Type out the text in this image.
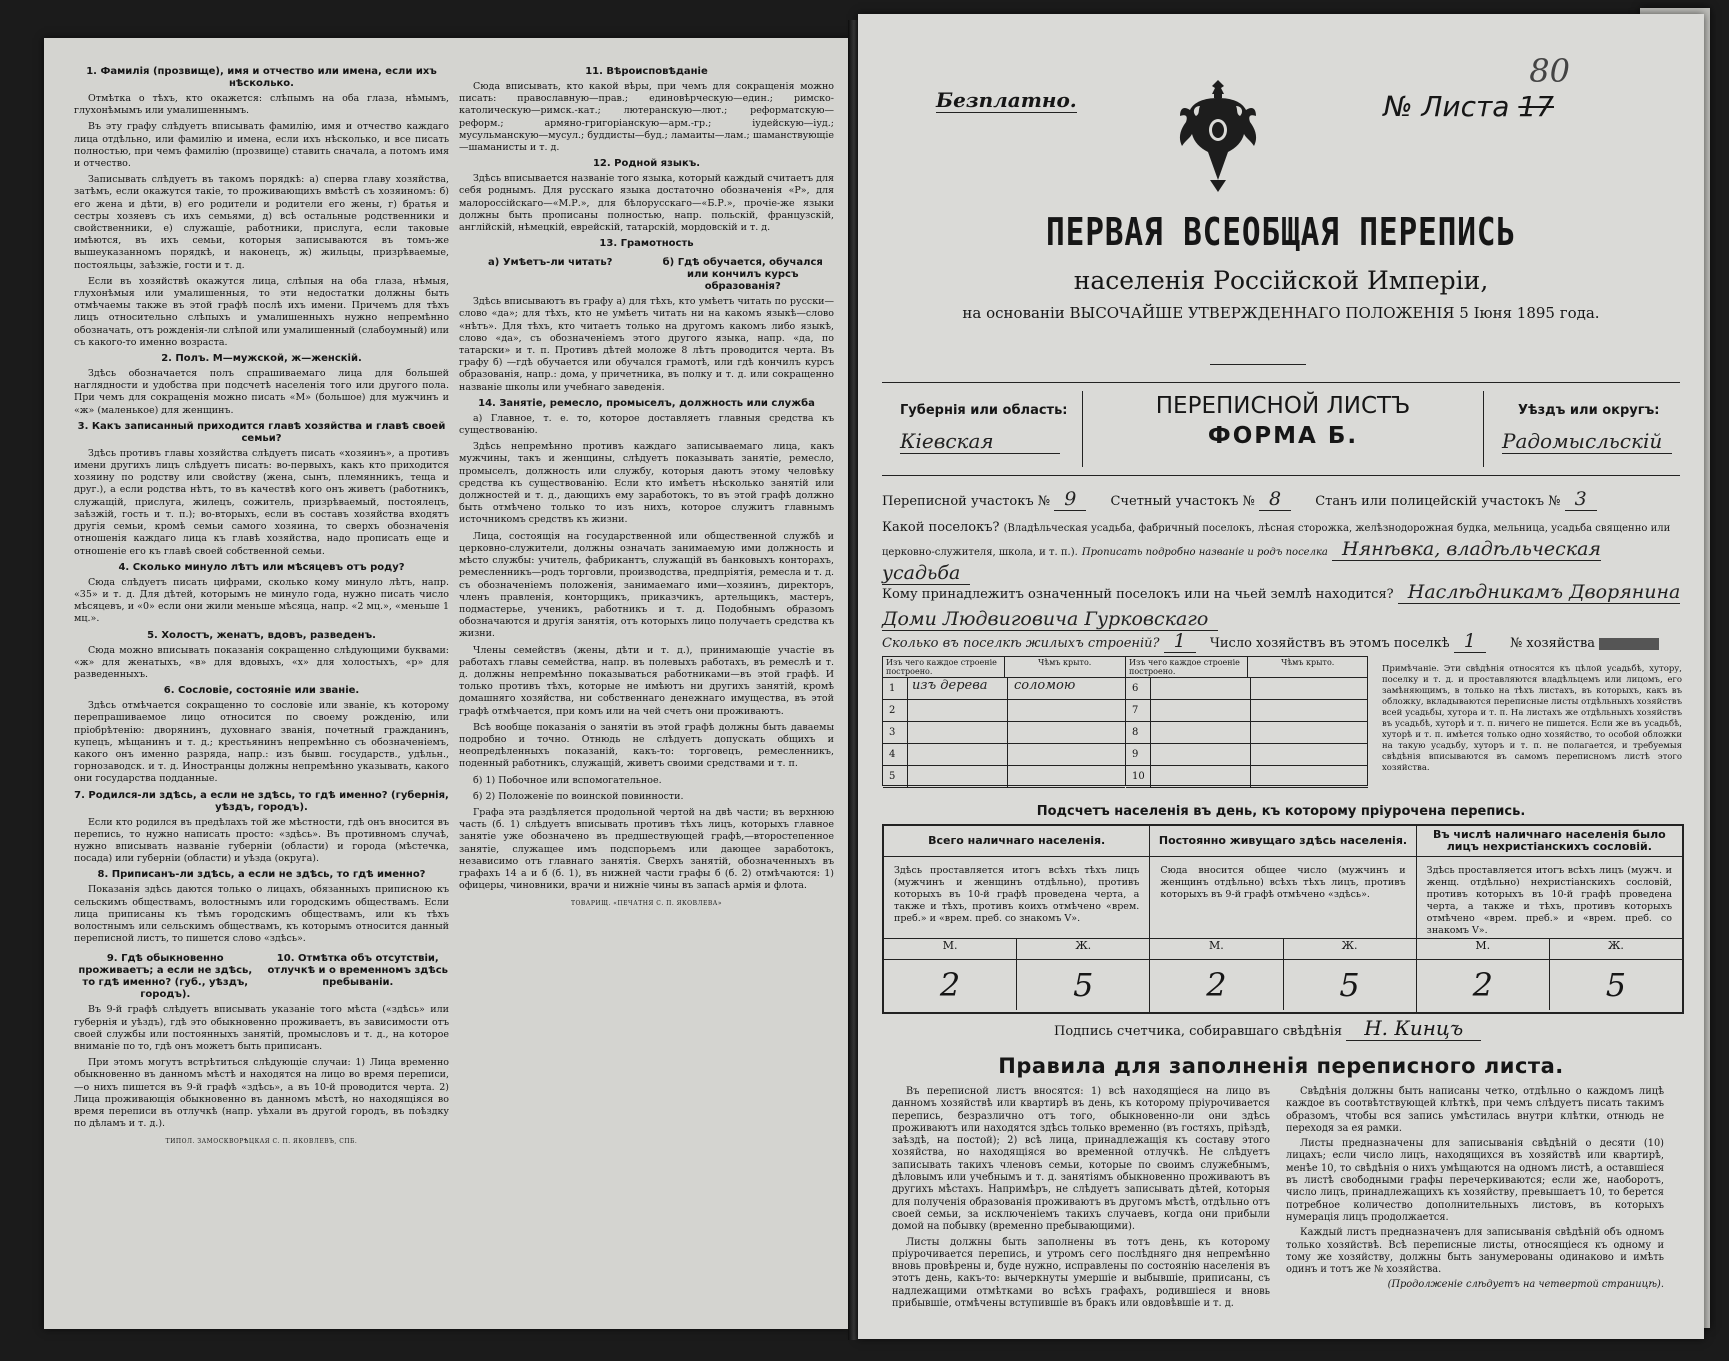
1. Фамилія (прозвище), имя и отчество или имена, если ихъ нѣсколько.

Отмѣтка о тѣхъ, кто окажется: слѣпымъ на оба глаза, нѣмымъ, глухонѣмымъ или умалишеннымъ.

Въ эту графу слѣдуетъ вписывать фамилію, имя и отчество каждаго лица отдѣльно, или фамилію и имена, если ихъ нѣсколько, и все писать полностью, при чемъ фамилію (прозвище) ставить сначала, а потомъ имя и отчество.

Записывать слѣдуетъ въ такомъ порядкѣ: а) сперва главу хозяйства, затѣмъ, если окажутся такіе, то проживающихъ вмѣстѣ съ хозяиномъ: б) его жена и дѣти, в) его родители и родители его жены, г) братья и сестры хозяевъ съ ихъ семьями, д) всѣ остальные родственники и свойственники, е) служащіе, работники, прислуга, если таковые имѣются, въ ихъ семьи, которыя записываются въ томъ-же вышеуказанномъ порядкѣ, и наконецъ, ж) жильцы, призрѣваемые, постояльцы, заѣзжіе, гости и т. д.

Если въ хозяйствѣ окажутся лица, слѣпыя на оба глаза, нѣмыя, глухонѣмыя или умалишенныя, то эти недостатки должны быть отмѣчаемы также въ этой графѣ послѣ ихъ имени. Причемъ для тѣхъ лицъ относительно слѣпыхъ и умалишенныхъ нужно непремѣнно обозначать, отъ рожденія-ли слѣпой или умалишенный (слабоумный) или съ какого-то именно возраста.

2. Полъ. М—мужской, ж—женскій.

Здѣсь обозначается полъ спрашиваемаго лица для большей наглядности и удобства при подсчетѣ населенія того или другого пола. При чемъ для сокращенія можно писать «М» (большое) для мужчинъ и «ж» (маленькое) для женщинъ.

3. Какъ записанный приходится главѣ хозяйства и главѣ своей семьи?

Здѣсь противъ главы хозяйства слѣдуетъ писать «хозяинъ», а противъ имени другихъ лицъ слѣдуетъ писать: во-первыхъ, какъ кто приходится хозяину по родству или свойству (жена, сынъ, племянникъ, теща и друг.), а если родства нѣтъ, то въ качествѣ кого онъ живетъ (работникъ, служащій, прислуга, жилецъ, сожитель, призрѣваемый, постоялецъ, заѣзжій, гость и т. п.); во-вторыхъ, если въ составъ хозяйства входятъ другія семьи, кромѣ семьи самого хозяина, то сверхъ обозначенія отношенія каждаго лица къ главѣ хозяйства, надо прописать еще и отношеніе его къ главѣ своей собственной семьи.

4. Сколько минуло лѣтъ или мѣсяцевъ отъ роду?

Сюда слѣдуетъ писать цифрами, сколько кому минуло лѣтъ, напр. «35» и т. д. Для дѣтей, которымъ не минуло года, нужно писать число мѣсяцевъ, и «0» если они жили меньше мѣсяца, напр. «2 мц.», «меньше 1 мц.».

5. Холостъ, женатъ, вдовъ, разведенъ.

Сюда можно вписывать показанія сокращенно слѣдующими буквами: «ж» для женатыхъ, «в» для вдовыхъ, «х» для холостыхъ, «р» для разведенныхъ.

6. Сословіе, состояніе или званіе.

Здѣсь отмѣчается сокращенно то сословіе или званіе, къ которому перепрашиваемое лицо относится по своему рожденію, или пріобрѣтенію: дворянинъ, духовнаго званія, почетный гражданинъ, купецъ, мѣщанинъ и т. д.; крестьянинъ непремѣнно съ обозначеніемъ, какого онъ именно разряда, напр.: изъ бывш. государств., удѣльн., горнозаводск. и т. д. Иностранцы должны непремѣнно указывать, какого они государства подданные.

7. Родился-ли здѣсь, а если не здѣсь, то гдѣ именно? (губернія, уѣздъ, городъ).

Если кто родился въ предѣлахъ той же мѣстности, гдѣ онъ вносится въ перепись, то нужно написать просто: «здѣсь». Въ противномъ случаѣ, нужно вписывать названіе губерніи (области) и города (мѣстечка, посада) или губерніи (области) и уѣзда (округа).

8. Приписанъ-ли здѣсь, а если не здѣсь, то гдѣ именно?

Показанія здѣсь даются только о лицахъ, обязанныхъ приписною къ сельскимъ обществамъ, волостнымъ или городскимъ обществамъ. Если лица приписаны къ тѣмъ городскимъ обществамъ, или къ тѣхъ волостнымъ или сельскимъ обществамъ, къ которымъ относится данный переписной листъ, то пишется слово «здѣсь».

9. Гдѣ обыкновенно проживаетъ; а если не здѣсь, то гдѣ именно? (губ., уѣздъ, городъ).
10. Отмѣтка объ отсутствіи, отлучкѣ и о временномъ здѣсь пребываніи.

Въ 9-й графѣ слѣдуетъ вписывать указаніе того мѣста («здѣсь» или губернія и уѣздъ), гдѣ это обыкновенно проживаетъ, въ зависимости отъ своей службы или постоянныхъ занятій, промысловъ и т. д., на которое вниманіе по то, гдѣ онъ можетъ быть приписанъ.

При этомъ могутъ встрѣтиться слѣдующіе случаи: 1) Лица временно обыкновенно въ данномъ мѣстѣ и находятся на лицо во время переписи,—о нихъ пишется въ 9-й графѣ «здѣсь», а въ 10-й проводится черта. 2) Лица проживающія обыкновенно въ данномъ мѣстѣ, но находящіяся во время переписи въ отлучкѣ (напр. уѣхали въ другой городъ, въ поѣздку по дѣламъ и т. д.).

ТИПОЛ. ЗАМОСКВОРѢЦКАЯ С. П. ЯКОВЛЕВЪ, СПБ.
11. Вѣроисповѣданіе

Сюда вписывать, кто какой вѣры, при чемъ для сокращенія можно писать: православную—прав.; единовѣрческую—един.; римско-католическую—римск.-кат.; лютеранскую—лют.; реформатскую—реформ.; армяно-григоріанскую—арм.-гр.; іудейскую—іуд.; мусульманскую—мусул.; буддисты—буд.; ламаиты—лам.; шаманствующіе—шаманисты и т. д.

12. Родной языкъ.

Здѣсь вписывается названіе того языка, который каждый считаетъ для себя роднымъ. Для русскаго языка достаточно обозначенія «Р», для малороссійскаго—«М.Р.», для бѣлорусскаго—«Б.Р.», прочіе-же языки должны быть прописаны полностью, напр. польскій, французскій, англійскій, нѣмецкій, еврейскій, татарскій, мордовскій и т. д.

13. Грамотность
а) Умѣетъ-ли читать?	б) Гдѣ обучается, обучался или кончилъ курсъ образованія?

Здѣсь вписываютъ въ графу а) для тѣхъ, кто умѣетъ читать по русски—слово «да»; для тѣхъ, кто не умѣетъ читать ни на какомъ языкѣ—слово «нѣтъ». Для тѣхъ, кто читаетъ только на другомъ какомъ либо языкѣ, слово «да», съ обозначеніемъ этого другого языка, напр. «да, по татарски» и т. п. Противъ дѣтей моложе 8 лѣтъ проводится черта. Въ графу б) —гдѣ обучается или обучался грамотѣ, или гдѣ кончилъ курсъ образованія, напр.: дома, у причетника, въ полку и т. д. или сокращенно названіе школы или учебнаго заведенія.

14. Занятіе, ремесло, промыселъ, должность или служба

а) Главное, т. е. то, которое доставляетъ главныя средства къ существованію.

Здѣсь непремѣнно противъ каждаго записываемаго лица, какъ мужчины, такъ и женщины, слѣдуетъ показывать занятіе, ремесло, промыселъ, должность или службу, которыя даютъ этому человѣку средства къ существованію. Если кто имѣетъ нѣсколько занятій или должностей и т. д., дающихъ ему заработокъ, то въ этой графѣ должно быть отмѣчено только то изъ нихъ, которое служитъ главнымъ источникомъ средствъ къ жизни.

Лица, состоящія на государственной или общественной службѣ и церковно-служители, должны означать занимаемую ими должность и мѣсто службы: учитель, фабрикантъ, служащій въ банковыхъ конторахъ, ремесленникъ—родъ торговли, производства, предпріятія, ремесла и т. д. съ обозначеніемъ положенія, занимаемаго ими—хозяинъ, директоръ, членъ правленія, конторщикъ, приказчикъ, артельщикъ, мастеръ, подмастерье, ученикъ, работникъ и т. д. Подобнымъ образомъ обозначаются и другія занятія, отъ которыхъ лицо получаетъ средства къ жизни.

Члены семействъ (жены, дѣти и т. д.), принимающіе участіе въ работахъ главы семейства, напр. въ полевыхъ работахъ, въ ремеслѣ и т. д. должны непремѣнно показываться работниками—въ этой графѣ. И только противъ тѣхъ, которые не имѣютъ ни другихъ занятій, кромѣ домашняго хозяйства, ни собственнаго денежнаго имущества, въ этой графѣ отмѣчается, при комъ или на чей счетъ они проживаютъ.

Всѣ вообще показанія о занятіи въ этой графѣ должны быть даваемы подробно и точно. Отнюдь не слѣдуетъ допускать общихъ и неопредѣленныхъ показаній, какъ-то: торговецъ, ремесленникъ, поденный работникъ, служащій, живетъ своими средствами и т. п.

б) 1) Побочное или вспомогательное.

б) 2) Положеніе по воинской повинности.

Графа эта раздѣляется продольной чертой на двѣ части; въ верхнюю часть (б. 1) слѣдуетъ вписывать противъ тѣхъ лицъ, которыхъ главное занятіе уже обозначено въ предшествующей графѣ,—второстепенное занятіе, служащее имъ подспорьемъ или дающее заработокъ, независимо отъ главнаго занятія. Сверхъ занятій, обозначенныхъ въ графахъ 14 а и б (б. 1), въ нижней части графы б (б. 2) отмѣчаются: 1) офицеры, чиновники, врачи и нижніе чины въ запасѣ армія и флота.

ТОВАРИЩ. «ПЕЧАТНЯ С. П. ЯКОВЛЕВА»
Безплатно.
80
№ Листа 17
ПЕРВАЯ ВСЕОБЩАЯ ПЕРЕПИСЬ
населенія Россійской Имперіи,
на основаніи ВЫСОЧАЙШЕ УТВЕРЖДЕННАГО ПОЛОЖЕНІЯ 5 Іюня 1895 года.
Губернія или область:
Кіевская
ПЕРЕПИСНОЙ ЛИСТЪ
ФОРМА Б.
Уѣздъ или округъ:
Радомысльскій
Переписной участокъ № 9	Счетный участокъ № 8	Станъ или полицейскій участокъ № 3
Какой поселокъ? (Владѣльческая усадьба, фабричный поселокъ, лѣсная сторожка, желѣзнодорожная будка, мельница, усадьба священно или церковно-служителя, школа, и т. п.). Прописать подробно названіе и родъ поселка Нянѣвка, владѣльческая усадьба
Кому принадлежитъ означенный поселокъ или на чьей землѣ находится? Наслѣдникамъ Дворянина Доми Людвиговича Гурковскаго
Сколько въ поселкѣ жилыхъ строеній? 1 Число хозяйствъ въ этомъ поселкѣ 1	№ хозяйства
Изъ чего каждое строеніе построено.
Чѣмъ крыто.
1	изъ дерева	соломою
2
3
4
5
Изъ чего каждое строеніе построено.
Чѣмъ крыто.
6
7
8
9
10
Примѣчаніе. Эти свѣдѣнія относятся къ цѣлой усадьбѣ, хутору, поселку и т. д. и проставляются владѣльцемъ или лицомъ, его замѣняющимъ, в только на тѣхъ листахъ, въ которыхъ, какъ въ обложку, вкладываются переписные листы отдѣльныхъ хозяйствъ всей усадьбы, хутора и т. п. На листахъ же отдѣльныхъ хозяйствъ въ усадьбѣ, хуторѣ и т. п. ничего не пишется. Если же въ усадьбѣ, хуторѣ и т. п. имѣется только одно хозяйство, то особой обложки на такую усадьбу, хуторъ и т. п. не полагается, и требуемыя свѣдѣнія вписываются въ самомъ переписномъ листѣ этого хозяйства.
Подсчетъ населенія въ день, къ которому пріурочена перепись.
Всего наличнаго населенія.
Здѣсь проставляется итогъ всѣхъ тѣхъ лицъ (мужчинъ и женщинъ отдѣльно), противъ которыхъ въ 10-й графѣ проведена черта, а также и тѣхъ, противъ коихъ отмѣчено «врем. преб.» и «врем. преб. со знакомъ V».
М.	Ж.
2	5
Постоянно живущаго здѣсь населенія.
Сюда вносится общее число (мужчинъ и женщинъ отдѣльно) всѣхъ тѣхъ лицъ, противъ которыхъ въ 9-й графѣ отмѣчено «здѣсь».
М.	Ж.
2	5
Въ числѣ наличнаго населенія было лицъ нехристіанскихъ сословій.
Здѣсь проставляется итогъ всѣхъ лицъ (мужч. и женщ. отдѣльно) нехристіанскихъ сословій, противъ которыхъ въ 10-й графѣ проведена черта, а также и тѣхъ, противъ которыхъ отмѣчено «врем. преб.» и «врем. преб. со знакомъ V».
М.	Ж.
2	5
Подпись счетчика, собиравшаго свѣдѣнія Н. Кинцъ
Правила для заполненія переписного листа.

Въ переписной листъ вносятся: 1) всѣ находящіеся на лицо въ данномъ хозяйствѣ или квартирѣ въ день, къ которому пріурочивается перепись, безразлично отъ того, обыкновенно-ли они здѣсь проживаютъ или находятся здѣсь только временно (въ гостяхъ, пріѣздѣ, заѣздѣ, на постой); 2) всѣ лица, принадлежащія къ составу этого хозяйства, но находящіяся во временной отлучкѣ. Не слѣдуетъ записывать такихъ членовъ семьи, которые по своимъ служебнымъ, дѣловымъ или учебнымъ и т. д. занятіямъ обыкновенно проживаютъ въ другихъ мѣстахъ. Напримѣръ, не слѣдуетъ записывать дѣтей, которыя для полученія образованія проживаютъ въ другомъ мѣстѣ, отдѣльно отъ своей семьи, за исключеніемъ такихъ случаевъ, когда они прибыли домой на побывку (временно пребывающими).

Листы должны быть заполнены въ тотъ день, къ которому пріурочивается перепись, и утромъ сего послѣдняго дня непремѣнно вновь провѣрены и, буде нужно, исправлены по состоянію населенія въ этотъ день, какъ-то: вычеркнуты умершіе и выбывшіе, приписаны, съ надлежащими отмѣтками во всѣхъ графахъ, родившіеся и вновь прибывшіе, отмѣчены вступившіе въ бракъ или овдовѣвшіе и т. д.

Свѣдѣнія должны быть написаны четко, отдѣльно о каждомъ лицѣ каждое въ соотвѣтствующей клѣткѣ, при чемъ слѣдуетъ писать такимъ образомъ, чтобы вся запись умѣстилась внутри клѣтки, отнюдь не переходя за ея рамки.

Листы предназначены для записыванія свѣдѣній о десяти (10) лицахъ; если число лицъ, находящихся въ хозяйствѣ или квартирѣ, менѣе 10, то свѣдѣнія о нихъ умѣщаются на одномъ листѣ, а оставшіеся въ листѣ свободными графы перечеркиваются; если же, наоборотъ, число лицъ, принадлежащихъ къ хозяйству, превышаетъ 10, то берется потребное количество дополнительныхъ листовъ, въ которыхъ нумерація лицъ продолжается.

Каждый листъ предназначенъ для записыванія свѣдѣній объ одномъ только хозяйствѣ. Всѣ переписные листы, относящіеся къ одному и тому же хозяйству, должны быть занумерованы одинаково и имѣть одинъ и тотъ же № хозяйства.

(Продолженіе слѣдуетъ на четвертой страницѣ).
